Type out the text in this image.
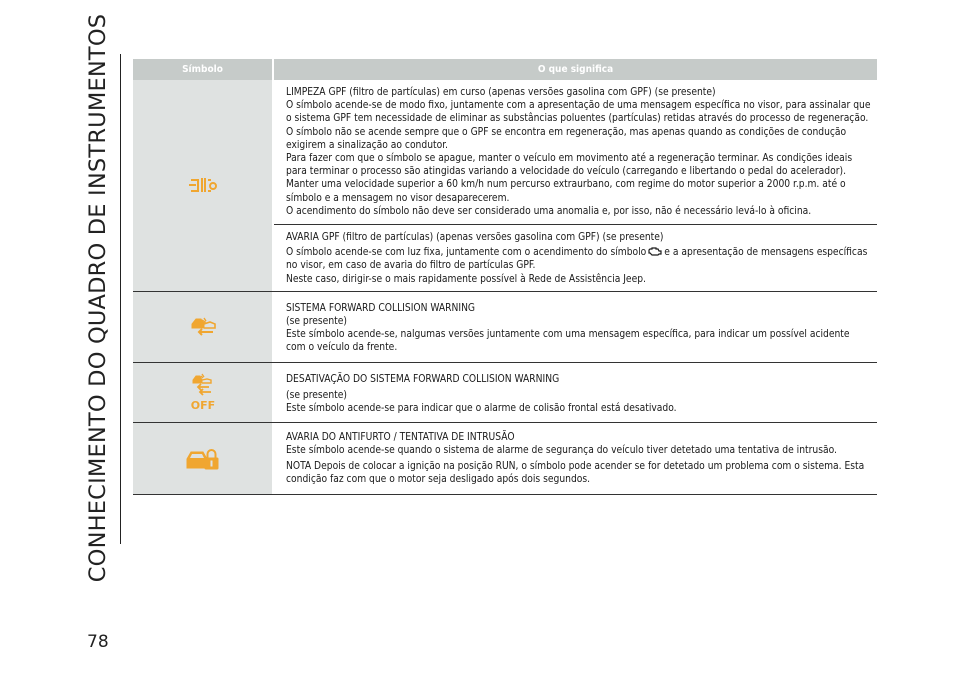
CONHECIMENTO DO QUADRO DE INSTRUMENTOS
78
Símbolo	O que significa

LIMPEZA GPF (filtro de partículas) em curso (apenas versões gasolina com GPF) (se presente)

O símbolo acende-se de modo fixo, juntamente com a apresentação de uma mensagem específica no visor, para assinalar que o sistema GPF tem necessidade de eliminar as substâncias poluentes (partículas) retidas através do processo de regeneração.

O símbolo não se acende sempre que o GPF se encontra em regeneração, mas apenas quando as condições de condução exigirem a sinalização ao condutor.

Para fazer com que o símbolo se apague, manter o veículo em movimento até a regeneração terminar. As condições ideais para terminar o processo são atingidas variando a velocidade do veículo (carregando e libertando o pedal do acelerador).

Manter uma velocidade superior a 60 km/h num percurso extraurbano, com regime do motor superior a 2000 r.p.m. até o símbolo e a mensagem no visor desaparecerem.

O acendimento do símbolo não deve ser considerado uma anomalia e, por isso, não é necessário levá-lo à oficina.

AVARIA GPF (filtro de partículas) (apenas versões gasolina com GPF) (se presente)

O símbolo acende-se com luz fixa, juntamente com o acendimento do símbolo e a apresentação de mensagens específicas no visor, em caso de avaria do filtro de partículas GPF.

Neste caso, dirigir-se o mais rapidamente possível à Rede de Assistência Jeep.

SISTEMA FORWARD COLLISION WARNING

(se presente)

Este símbolo acende-se, nalgumas versões juntamente com uma mensagem específica, para indicar um possível acidente com o veículo da frente.

OFF

DESATIVAÇÃO DO SISTEMA FORWARD COLLISION WARNING

(se presente)

Este símbolo acende-se para indicar que o alarme de colisão frontal está desativado.

AVARIA DO ANTIFURTO / TENTATIVA DE INTRUSÃO

Este símbolo acende-se quando o sistema de alarme de segurança do veículo tiver detetado uma tentativa de intrusão.

NOTA Depois de colocar a ignição na posição RUN, o símbolo pode acender se for detetado um problema com o sistema. Esta condição faz com que o motor seja desligado após dois segundos.
